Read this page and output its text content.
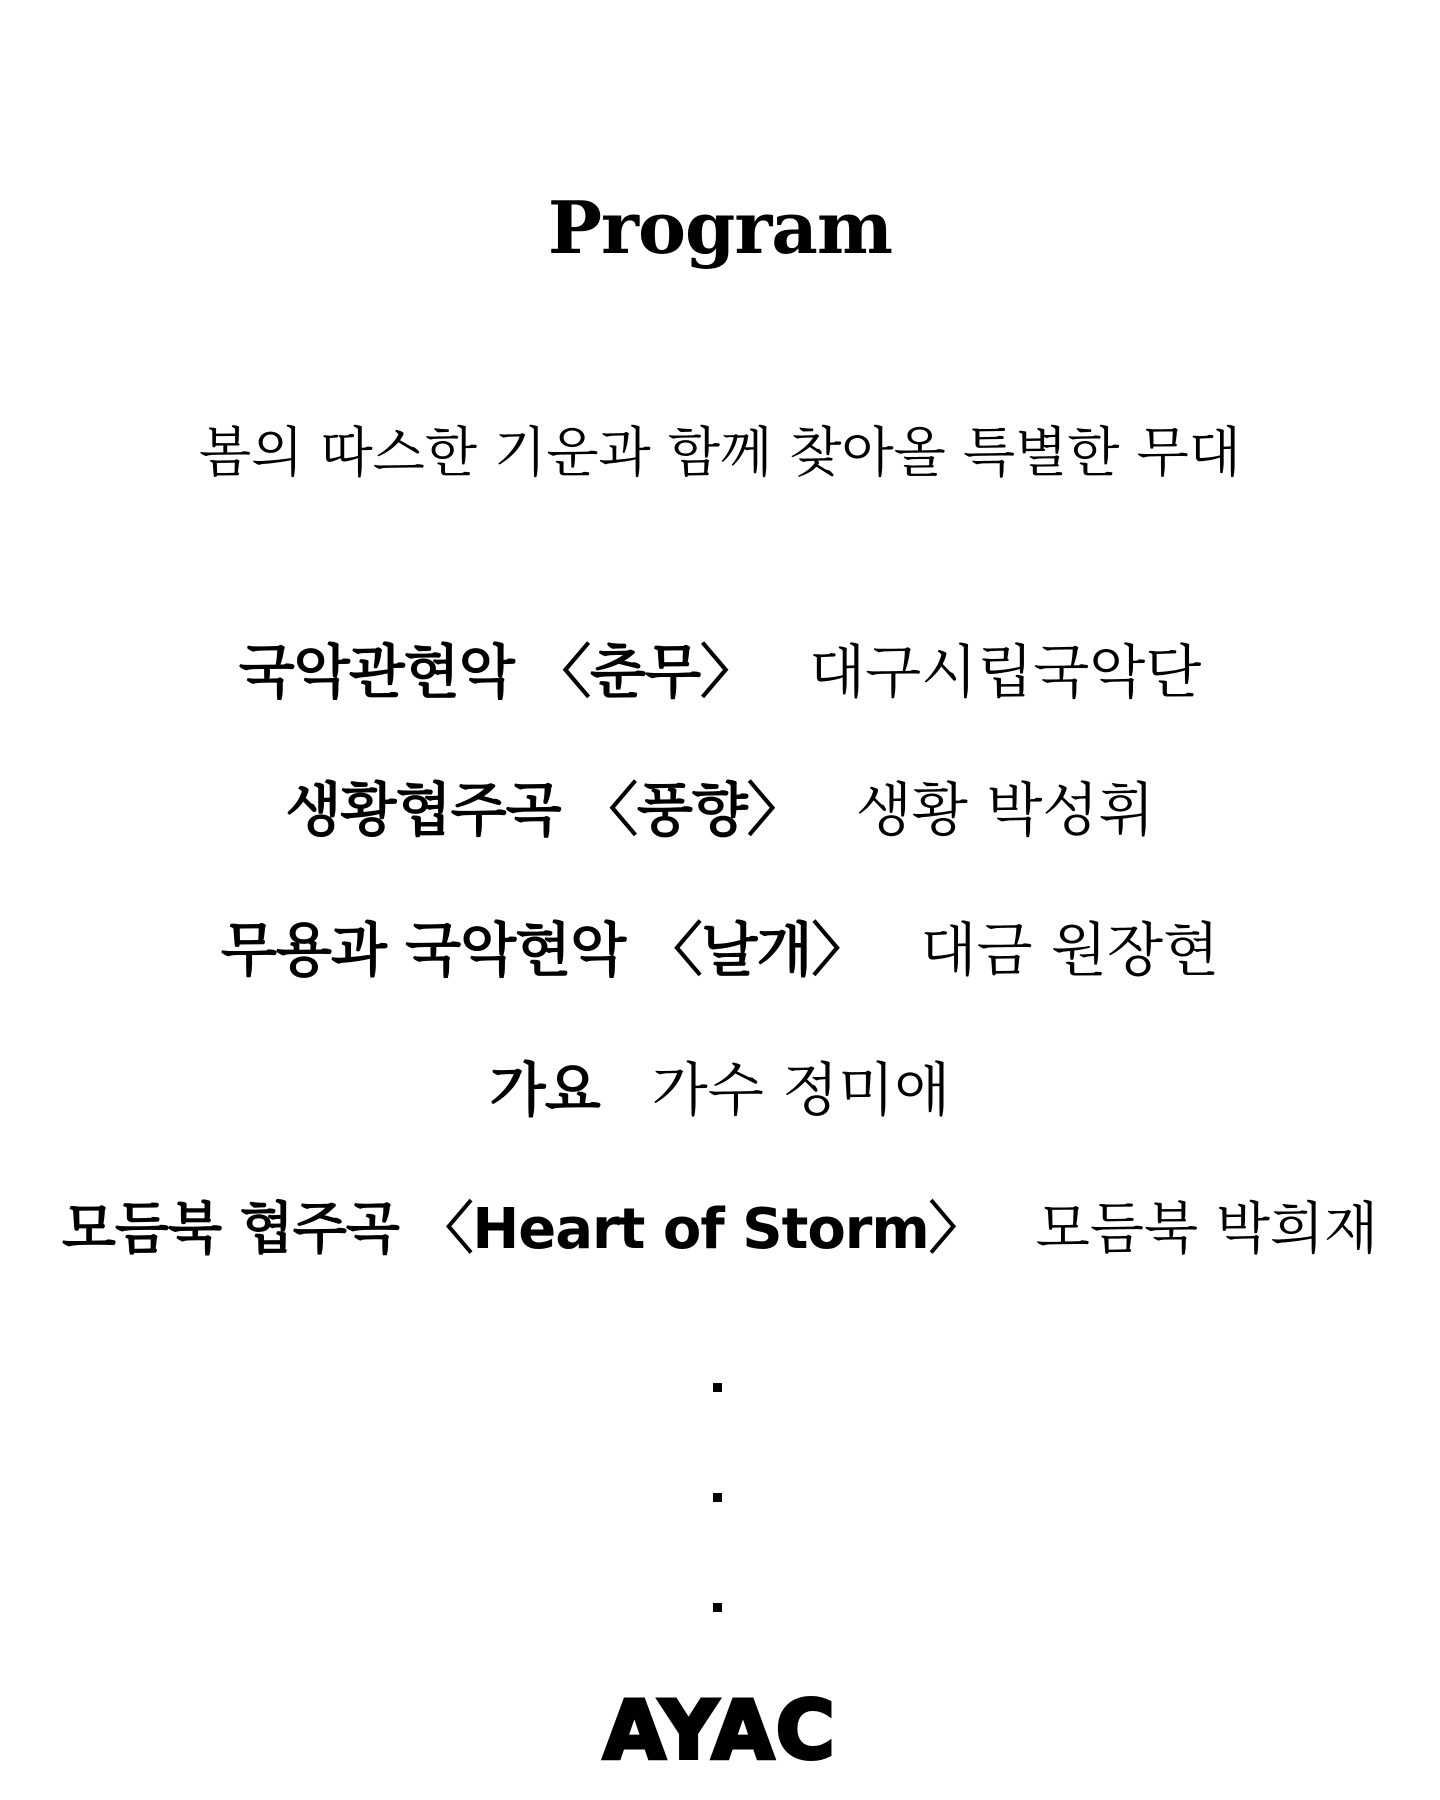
Program
봄의 따스한 기운과 함께 찾아올 특별한 무대
국악관현악 〈춘무〉 대구시립국악단
생황협주곡 〈풍향〉 생황 박성휘
무용과 국악현악 〈날개〉 대금 원장현
가요 가수 정미애
모듬북 협주곡 〈Heart of Storm〉 모듬북 박희재
AYAC
